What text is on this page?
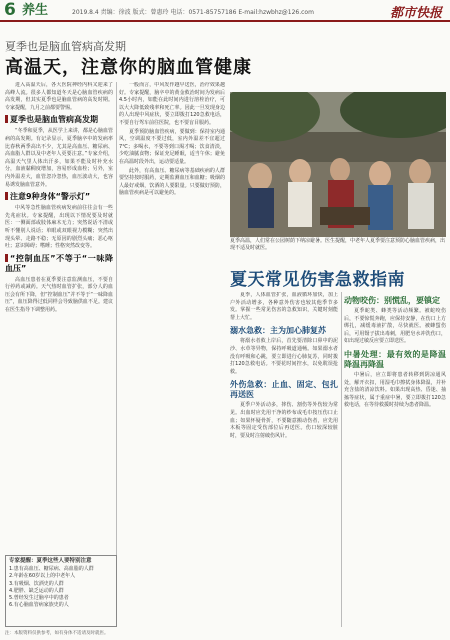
6 养生	2019.8.4 责编：徐波 版式：曾惠玲 电话：0571-85757186 E-mail:hzwbhz@126.com	都市快报
夏季也是脑血管病高发期
高温天，注意你的脑血管健康

进入高温天后，各大医院神经内科又迎来了高峰人流。很多人都知道冬天是心脑血管疾病的高发期，但其实夏季也是脑血管病的高发时期。专家提醒，九月之前都要警惕。

夏季也是脑血管病高发期

“冬季和夏季，从医学上来讲，都是心脑血管病的高发期。有记录显示，夏季脑卒中的发病率比春秋两季高出不少，尤其是高血压、糖尿病、高血脂人群以及中老年人更要注意。”专家介绍，高温天气里人体出汗多，如果不能及时补充水分，血液黏稠度增加，容易形成血栓；另外，室内外温差大，血管忽冷忽热，血压波动大，也容易诱发脑血管意外。

注意9种身体“警示灯”

中风等急性脑血管疾病发病前往往会有一些先兆症状。专家提醒，出现以下情况要及时就医：一侧面部或肢体麻木无力；突然说话不清或听不懂别人说话；单眼或双眼视力模糊；突然出现头晕、走路不稳；无原因的剧烈头痛；恶心呕吐；意识障碍；嗜睡；性格突然改变等。

“控制血压”不等于“一味降血压”

高血压患者在夏季要注意监测血压，不要自行停药或减药。天气热时血管扩张，部分人的血压会有所下降，但“控制血压”并不等于“一味降血压”，血压降得过低同样会导致脑供血不足。建议在医生指导下调整用药。

一般而言，中风发作越早送医，治疗效果越好。专家提醒，脑卒中的黄金救治时间为发病后4.5小时内，如能在此时间内进行溶栓治疗，可以大大降低致残率和死亡率。因此一旦发现身边的人出现中风症状，要立即拨打120急救电话，不要自行驾车前往医院，也不要盲目服药。

夏季预防脑血管疾病，要做到：保持室内通风，空调温度不要过低，室内外温差不宜超过7℃；多喝水，不要等到口渴才喝；饮食清淡，少吃油腻食物；保证充足睡眠，适当午休；避免在高温时段外出，运动要适量。

此外，有高血压、糖尿病等基础疾病的人群要坚持按时服药，定期监测血压和血糖；吸烟的人最好戒烟，饮酒的人要限量。只要做好预防，脑血管疾病是可以避免的。

夏季高温，人们常在公园树荫下纳凉避暑。医生提醒，中老年人夏季要注意预防心脑血管疾病，出现不适及时就医。
夏天常见伤害急救指南

夏季，人体血管扩张，血液循环加快，加上户外活动增多，各种意外伤害也较其他季节多发。掌握一些常见伤害的急救知识，关键时刻能帮上大忙。

溺水急救：主为加心肺复苏

将溺水者救上岸后，首先要清除口鼻中的泥沙、水草等异物，保持呼吸道通畅。如果溺水者没有呼吸和心跳，要立即进行心肺复苏，同时拨打120急救电话。不要花时间控水，以免耽误抢救。

外伤急救：止血、固定、包扎再送医

夏季户外活动多，摔伤、割伤等外伤较为常见。出血时应先用干净的纱布或毛巾按压伤口止血；如果怀疑骨折，不要随意搬动伤者，应先用木板等固定受伤部位后再送医。伤口较深较脏时，要及时注射破伤风针。

动物咬伤：别慌乱，要镇定

夏季蛇类、蜂类等活动频繁。被蛇咬伤后，不要惊慌奔跑，应保持安静，在伤口上方绑扎，减缓毒液扩散，尽快就医。被蜂蜇伤后，可用镊子拔出毒刺，用肥皂水冲洗伤口，如出现过敏反应要立即送医。

中暑处理：最有效的是降温降温再降温

中暑后，应立即将患者转移到阴凉通风处，解开衣扣，用湿毛巾擦拭身体降温，并补充含盐的清凉饮料。如果出现高热、昏迷、抽搐等症状，属于重症中暑，要立即拨打120急救电话，在等待救援时持续为患者降温。

专家提醒：夏季这些人要特别注意
1.患有高血压、糖尿病、高血脂的人群
2.年龄在60岁以上的中老年人
3.有吸烟、饮酒史的人群
4.肥胖、缺乏运动的人群
5.曾经发生过脑卒中的患者
6.有心脑血管病家族史的人
注：本版资料仅供参考，如有身体不适请及时就医。
